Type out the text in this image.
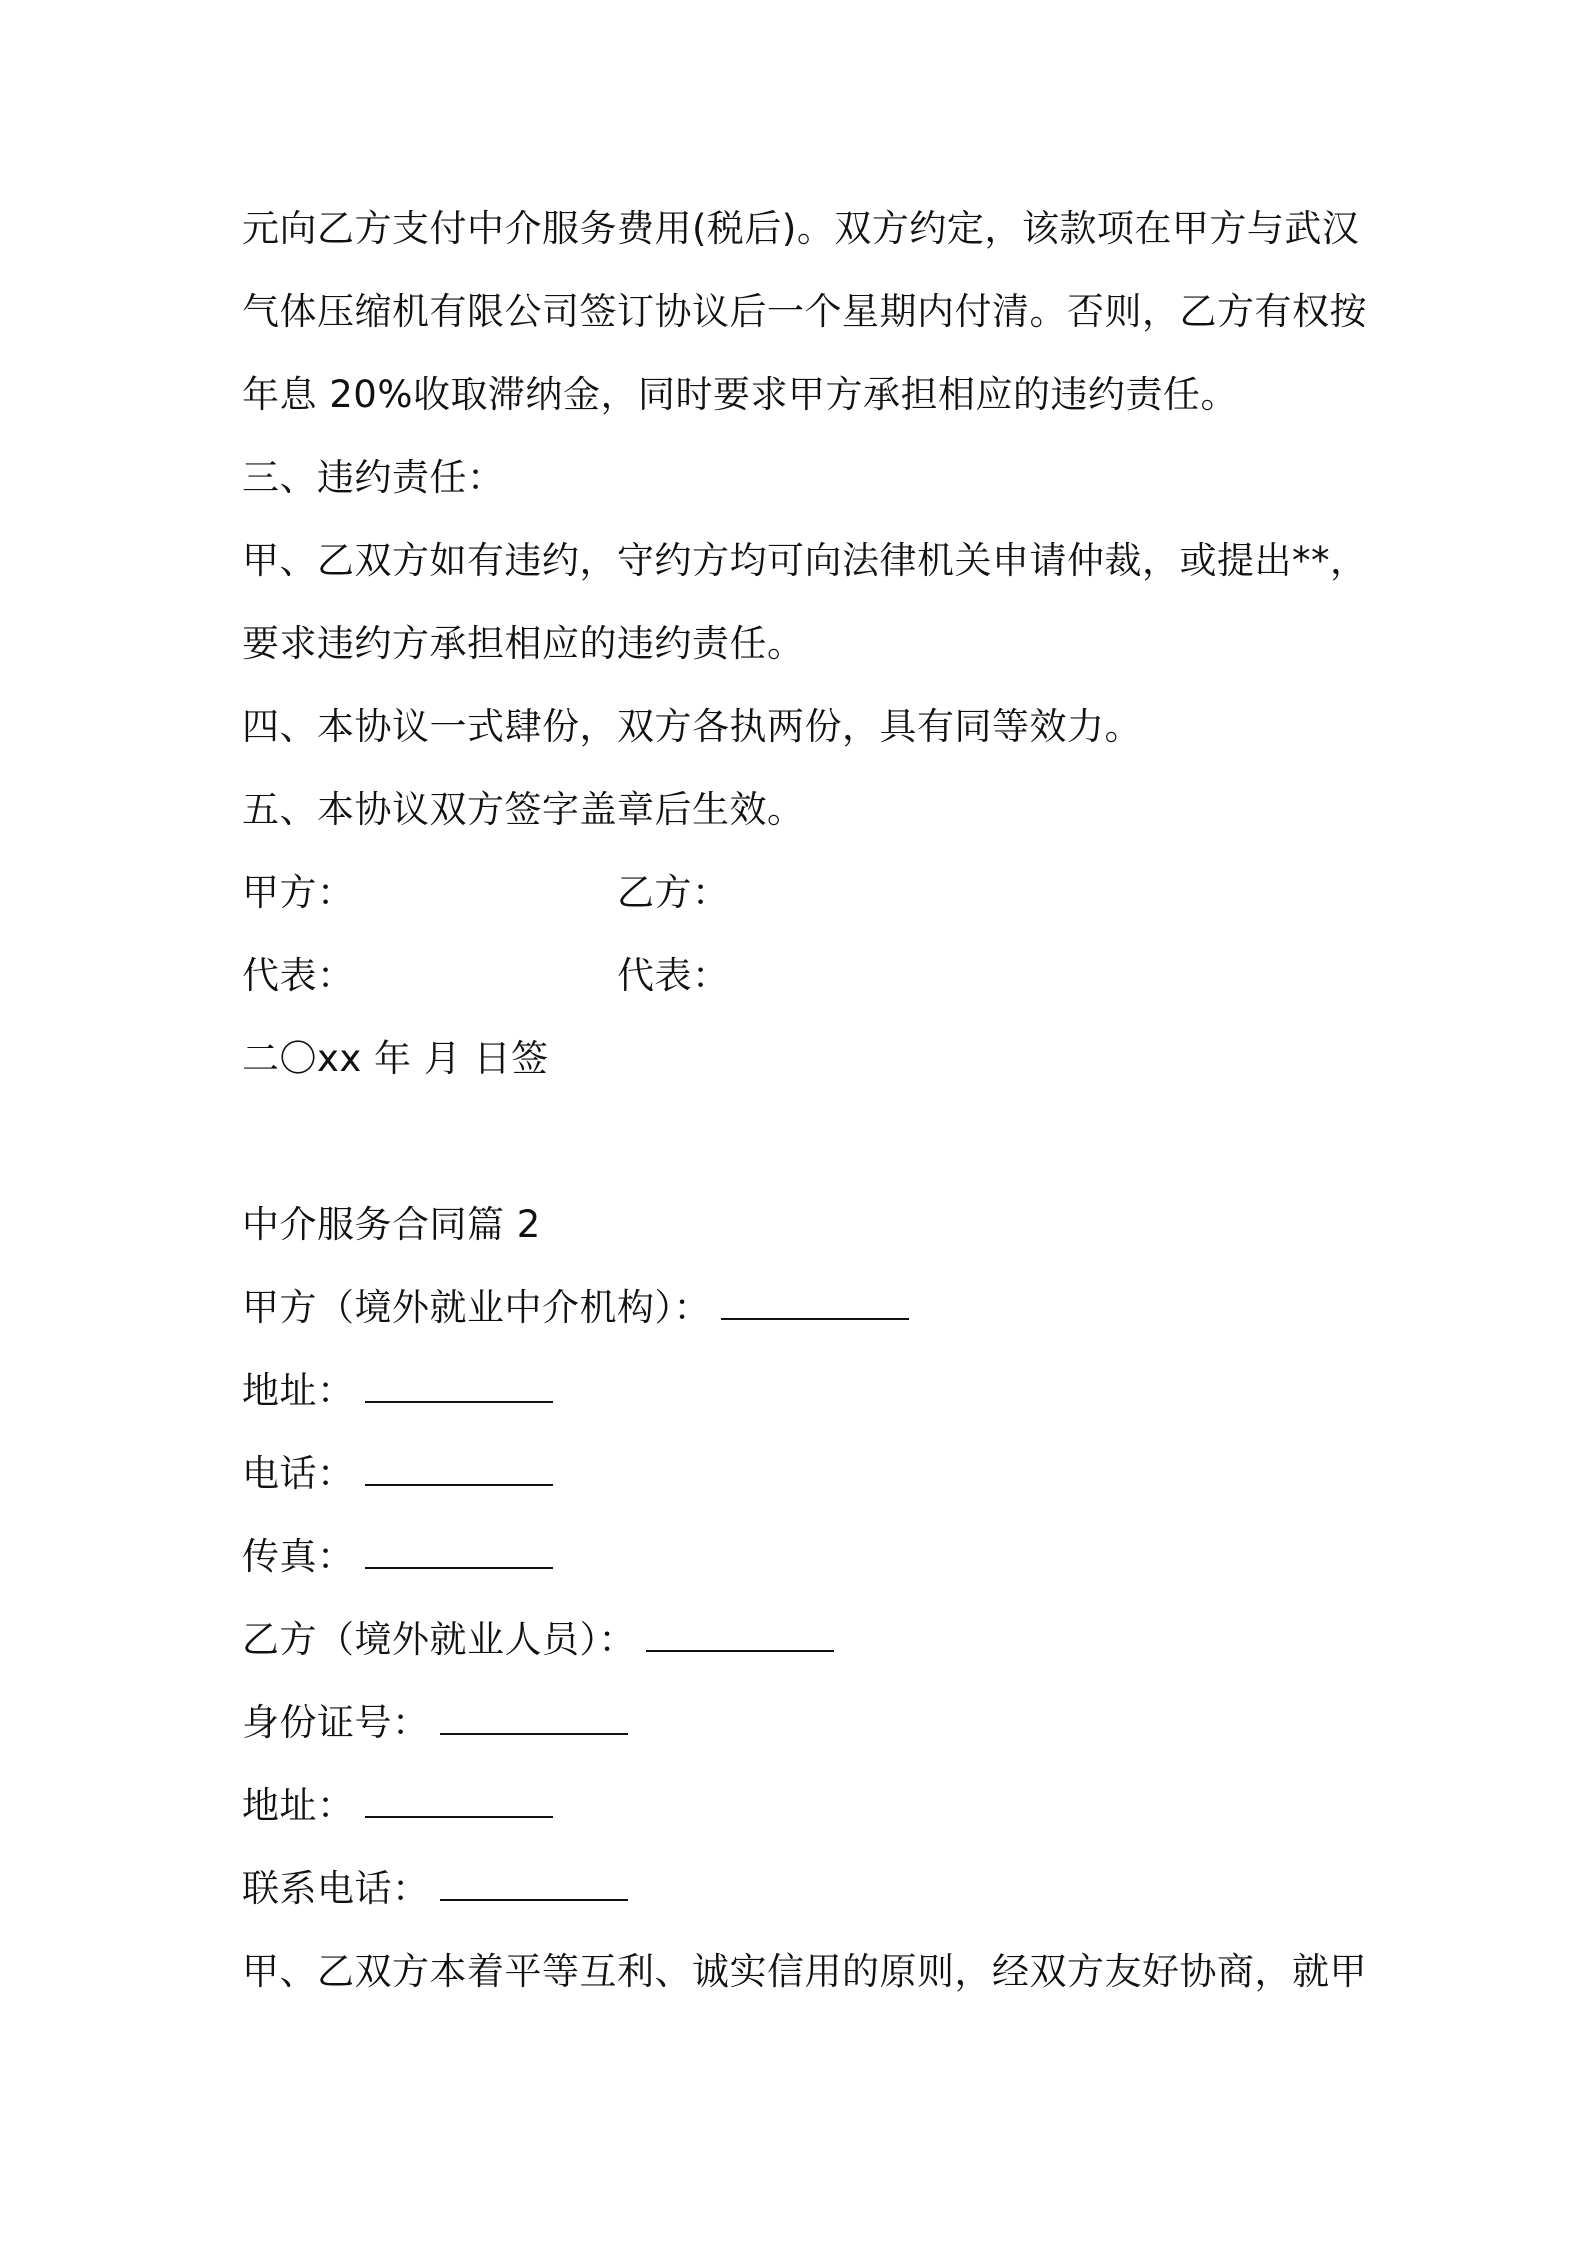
元向乙方支付中介服务费用(税后)。双方约定，该款项在甲方与武汉
气体压缩机有限公司签订协议后一个星期内付清。否则，乙方有权按
年息 20%收取滞纳金，同时要求甲方承担相应的违约责任。
三、违约责任：
甲、乙双方如有违约，守约方均可向法律机关申请仲裁，或提出**，
要求违约方承担相应的违约责任。
四、本协议一式肆份，双方各执两份，具有同等效力。
五、本协议双方签字盖章后生效。
甲方：	乙方：
代表：	代表：
二〇xx 年 月 日签
中介服务合同篇 2
甲方（境外就业中介机构）：
地址：
电话：
传真：
乙方（境外就业人员）：
身份证号：
地址：
联系电话：
甲、乙双方本着平等互利、诚实信用的原则，经双方友好协商，就甲
